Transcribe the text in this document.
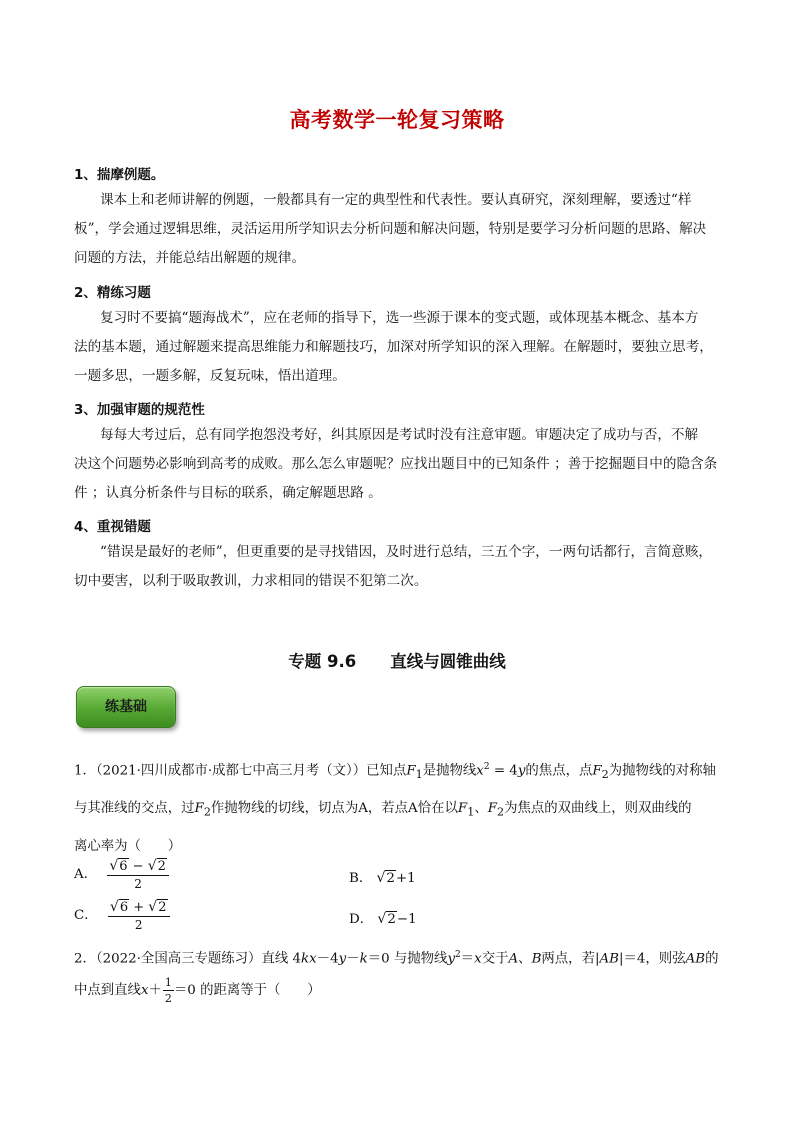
高考数学一轮复习策略
1、揣摩例题。
课本上和老师讲解的例题，一般都具有一定的典型性和代表性。要认真研究，深刻理解，要透过“样
板”，学会通过逻辑思维，灵活运用所学知识去分析问题和解决问题，特别是要学习分析问题的思路、解决
问题的方法，并能总结出解题的规律。
2、精练习题
复习时不要搞“题海战术”，应在老师的指导下，选一些源于课本的变式题，或体现基本概念、基本方
法的基本题，通过解题来提高思维能力和解题技巧，加深对所学知识的深入理解。在解题时，要独立思考，
一题多思，一题多解，反复玩味，悟出道理。
3、加强审题的规范性
每每大考过后，总有同学抱怨没考好，纠其原因是考试时没有注意审题。审题决定了成功与否，不解
决这个问题势必影响到高考的成败。那么怎么审题呢？应找出题目中的已知条件 ；善于挖掘题目中的隐含条
件 ；认真分析条件与目标的联系，确定解题思路 。
4、重视错题
“错误是最好的老师”，但更重要的是寻找错因，及时进行总结，三五个字，一两句话都行，言简意赅，
切中要害，以利于吸取教训，力求相同的错误不犯第二次。
专题 9.6 直线与圆锥曲线
练基础
1．（2021·四川成都市·成都七中高三月考（文））已知点$F_1$是抛物线$x^2 = 4y$的焦点，点$F_2$为抛物线的对称轴
与其准线的交点，过$F_2$作抛物线的切线，切点为A，若点A恰在以$F_1$、$F_2$为焦点的双曲线上，则双曲线的
离心率为（　　）
A． $\frac{√6 - √2}{2}$	B． √2+1
C． $\frac{√6 + √2}{2}$	D． √2−1
2．（2022·全国高三专题练习）直线 4kx－4y－k＝0 与抛物线$y^2=x$交于A、B两点，若|AB|＝4，则弦AB的
中点到直线$x+ \frac{1}{2} =0$ 的距离等于（　　）
